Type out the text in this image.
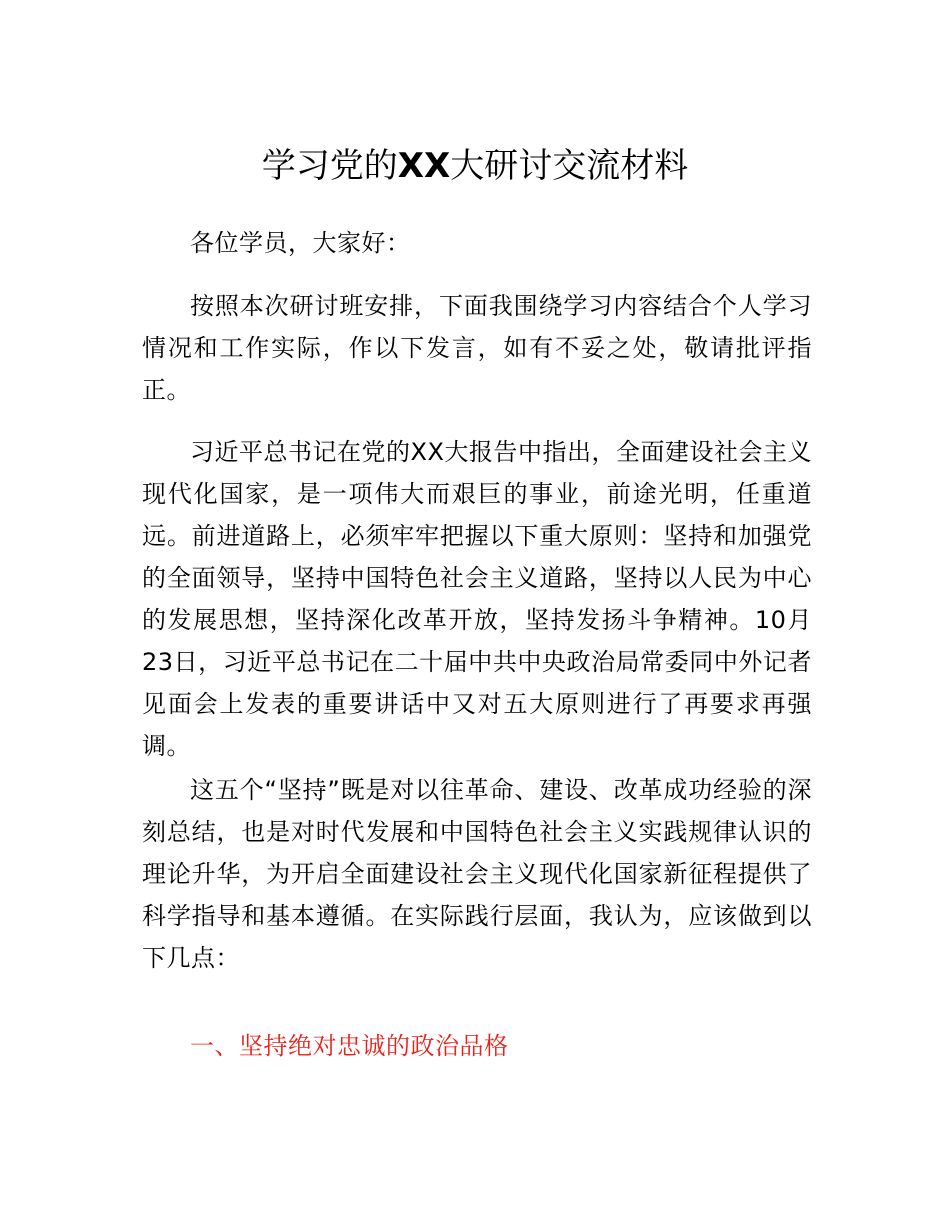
学习党的XX大研讨交流材料

各位学员，大家好：

按照本次研讨班安排，下面我围绕学习内容结合个人学习情况和工作实际，作以下发言，如有不妥之处，敬请批评指正。

习近平总书记在党的XX大报告中指出，全面建设社会主义现代化国家，是一项伟大而艰巨的事业，前途光明，任重道远。前进道路上，必须牢牢把握以下重大原则：坚持和加强党的全面领导，坚持中国特色社会主义道路，坚持以人民为中心的发展思想，坚持深化改革开放，坚持发扬斗争精神。10月23日，习近平总书记在二十届中共中央政治局常委同中外记者见面会上发表的重要讲话中又对五大原则进行了再要求再强调。

这五个“坚持”既是对以往革命、建设、改革成功经验的深刻总结，也是对时代发展和中国特色社会主义实践规律认识的理论升华，为开启全面建设社会主义现代化国家新征程提供了科学指导和基本遵循。在实际践行层面，我认为，应该做到以下几点：

一、坚持绝对忠诚的政治品格
